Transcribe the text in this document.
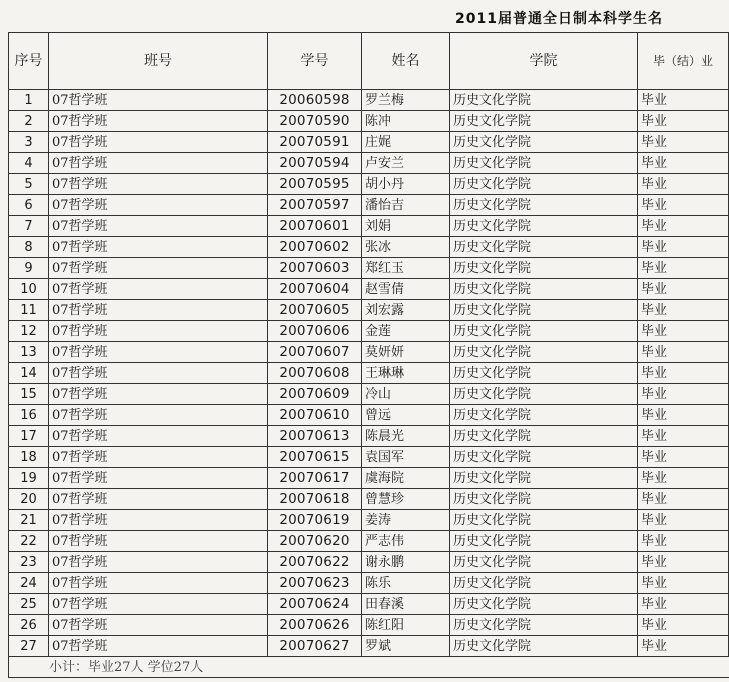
2011届普通全日制本科学生名
序号	班号	学号	姓名	学院	毕（结）业
1	07哲学班	20060598	罗兰梅	历史文化学院	毕业
2	07哲学班	20070590	陈冲	历史文化学院	毕业
3	07哲学班	20070591	庄娓	历史文化学院	毕业
4	07哲学班	20070594	卢安兰	历史文化学院	毕业
5	07哲学班	20070595	胡小丹	历史文化学院	毕业
6	07哲学班	20070597	潘怡吉	历史文化学院	毕业
7	07哲学班	20070601	刘娟	历史文化学院	毕业
8	07哲学班	20070602	张冰	历史文化学院	毕业
9	07哲学班	20070603	郑红玉	历史文化学院	毕业
10	07哲学班	20070604	赵雪倩	历史文化学院	毕业
11	07哲学班	20070605	刘宏露	历史文化学院	毕业
12	07哲学班	20070606	金莲	历史文化学院	毕业
13	07哲学班	20070607	莫妍妍	历史文化学院	毕业
14	07哲学班	20070608	王琳琳	历史文化学院	毕业
15	07哲学班	20070609	冷山	历史文化学院	毕业
16	07哲学班	20070610	曾远	历史文化学院	毕业
17	07哲学班	20070613	陈晨光	历史文化学院	毕业
18	07哲学班	20070615	袁国军	历史文化学院	毕业
19	07哲学班	20070617	虞海院	历史文化学院	毕业
20	07哲学班	20070618	曾慧珍	历史文化学院	毕业
21	07哲学班	20070619	姜涛	历史文化学院	毕业
22	07哲学班	20070620	严志伟	历史文化学院	毕业
23	07哲学班	20070622	谢永鹏	历史文化学院	毕业
24	07哲学班	20070623	陈乐	历史文化学院	毕业
25	07哲学班	20070624	田春溪	历史文化学院	毕业
26	07哲学班	20070626	陈红阳	历史文化学院	毕业
27	07哲学班	20070627	罗斌	历史文化学院	毕业
小计：毕业27人 学位27人					
